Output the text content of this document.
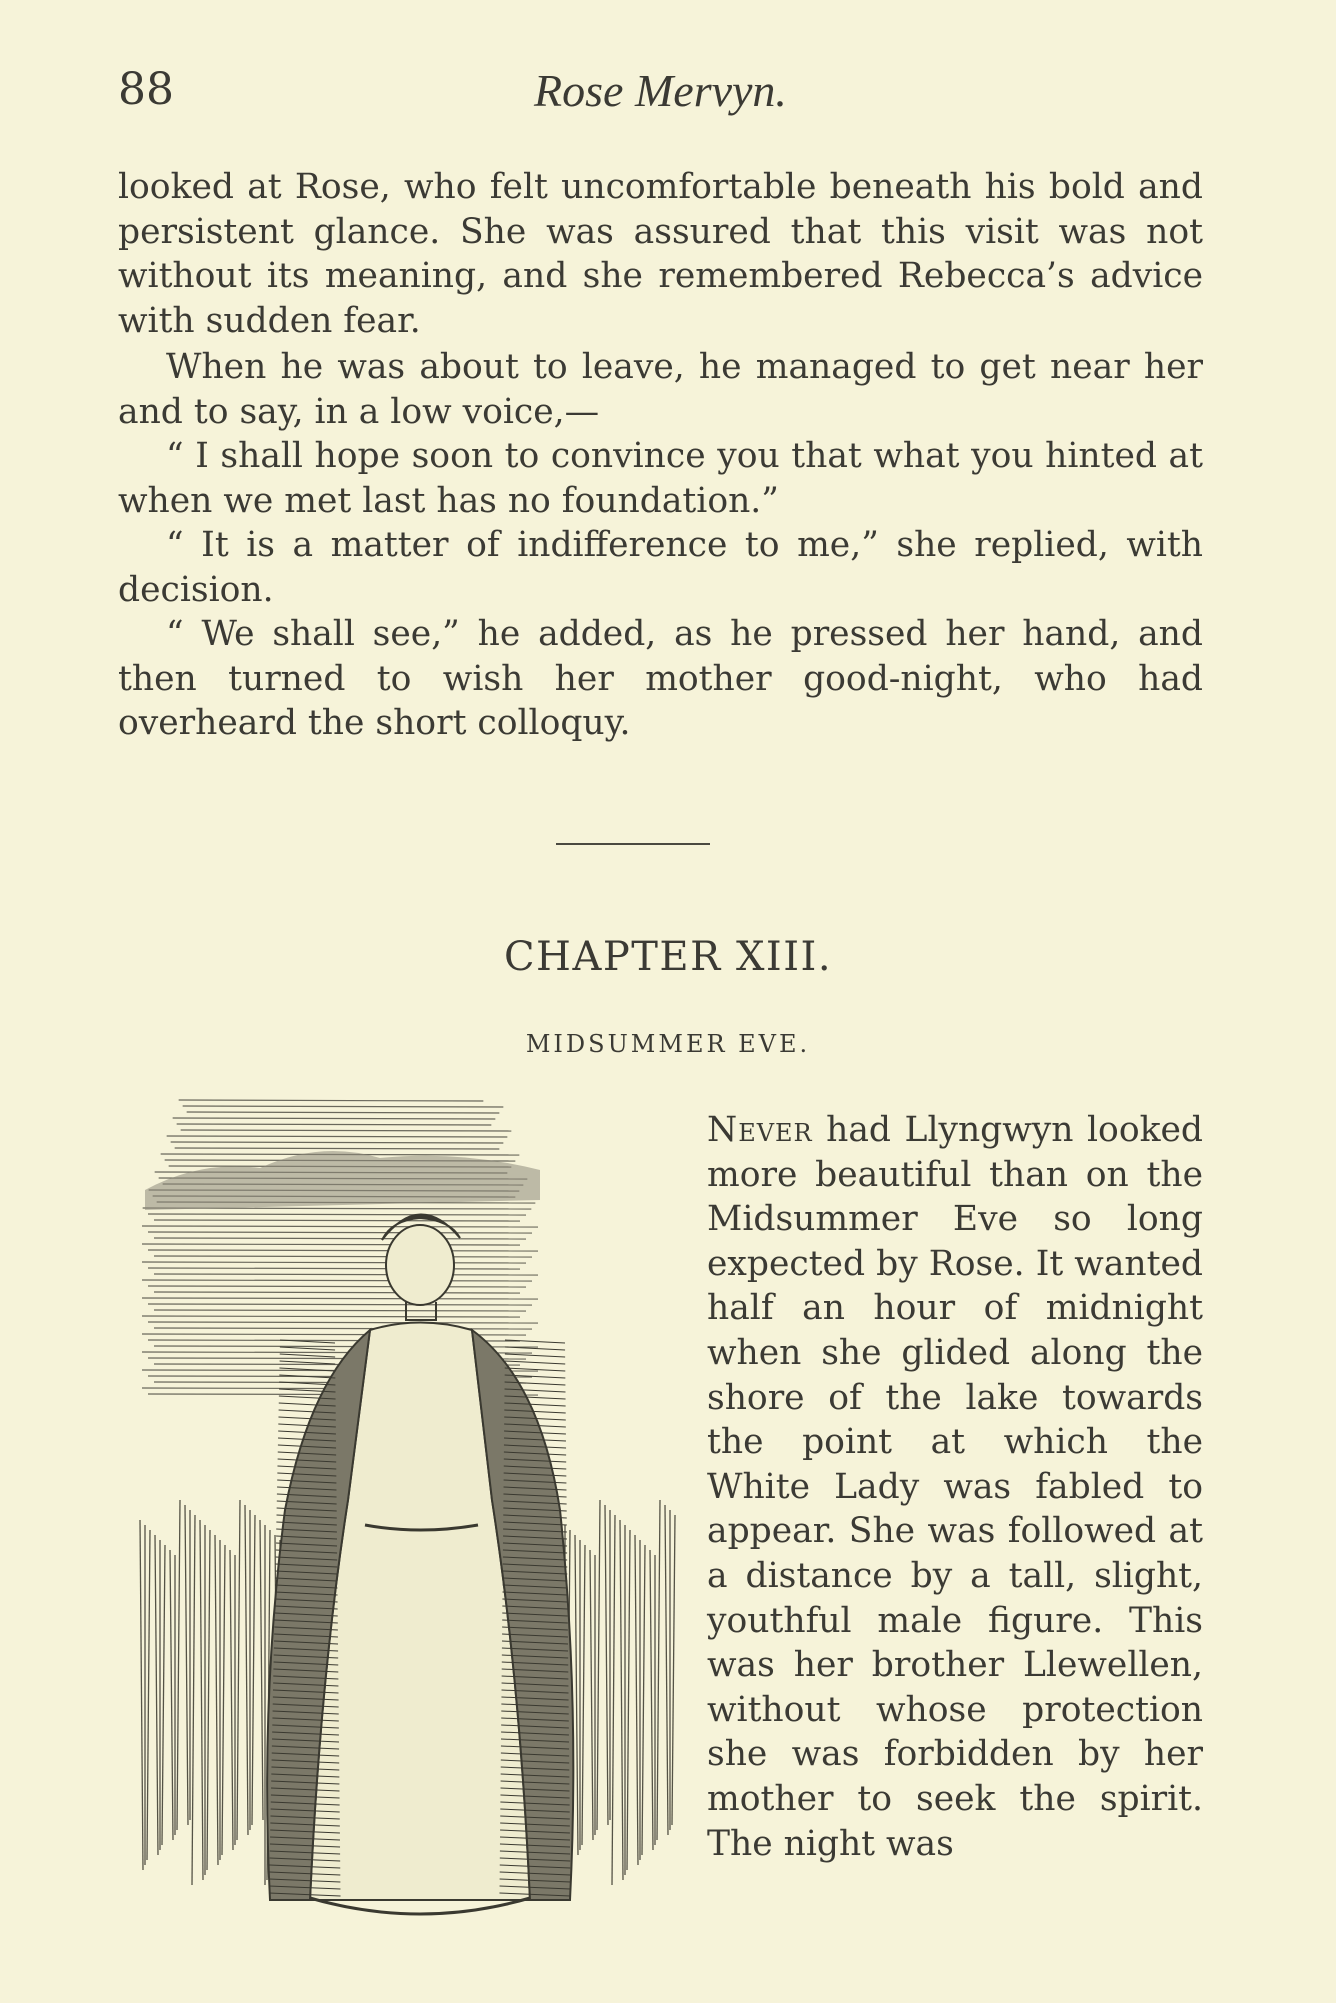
88	Rose Mervyn.

looked at Rose, who felt uncomfortable beneath his bold and persistent glance. She was assured that this visit was not without its meaning, and she remembered Rebecca’s advice with sudden fear.

When he was about to leave, he managed to get near her and to say, in a low voice,—

“ I shall hope soon to convince you that what you hinted at when we met last has no foundation.”

“ It is a matter of indifference to me,” she replied, with decision.

“ We shall see,” he added, as he pressed her hand, and then turned to wish her mother good-night, who had overheard the short colloquy.

CHAPTER XIII.
MIDSUMMER EVE.

Never had Llyngwyn looked more beautiful than on the Midsummer Eve so long expected by Rose. It wanted half an hour of midnight when she glided along the shore of the lake towards the point at which the White Lady was fabled to appear. She was followed at a distance by a tall, slight, youthful male figure. This was her brother Llewellen, without whose protection she was forbidden by her mother to seek the spirit. The night was
